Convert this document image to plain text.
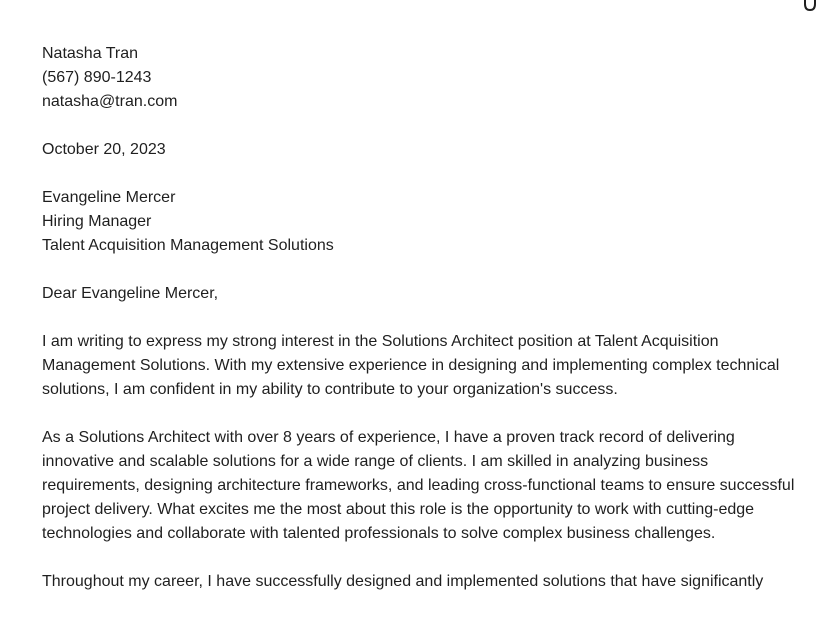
Natasha Tran
(567) 890-1243
natasha@tran.com
October 20, 2023
Evangeline Mercer
Hiring Manager
Talent Acquisition Management Solutions
Dear Evangeline Mercer,

I am writing to express my strong interest in the Solutions Architect position at Talent Acquisition Management Solutions. With my extensive experience in designing and implementing complex technical solutions, I am confident in my ability to contribute to your organization's success.

As a Solutions Architect with over 8 years of experience, I have a proven track record of delivering innovative and scalable solutions for a wide range of clients. I am skilled in analyzing business requirements, designing architecture frameworks, and leading cross-functional teams to ensure successful project delivery. What excites me the most about this role is the opportunity to work with cutting-edge technologies and collaborate with talented professionals to solve complex business challenges.

Throughout my career, I have successfully designed and implemented solutions that have significantly
